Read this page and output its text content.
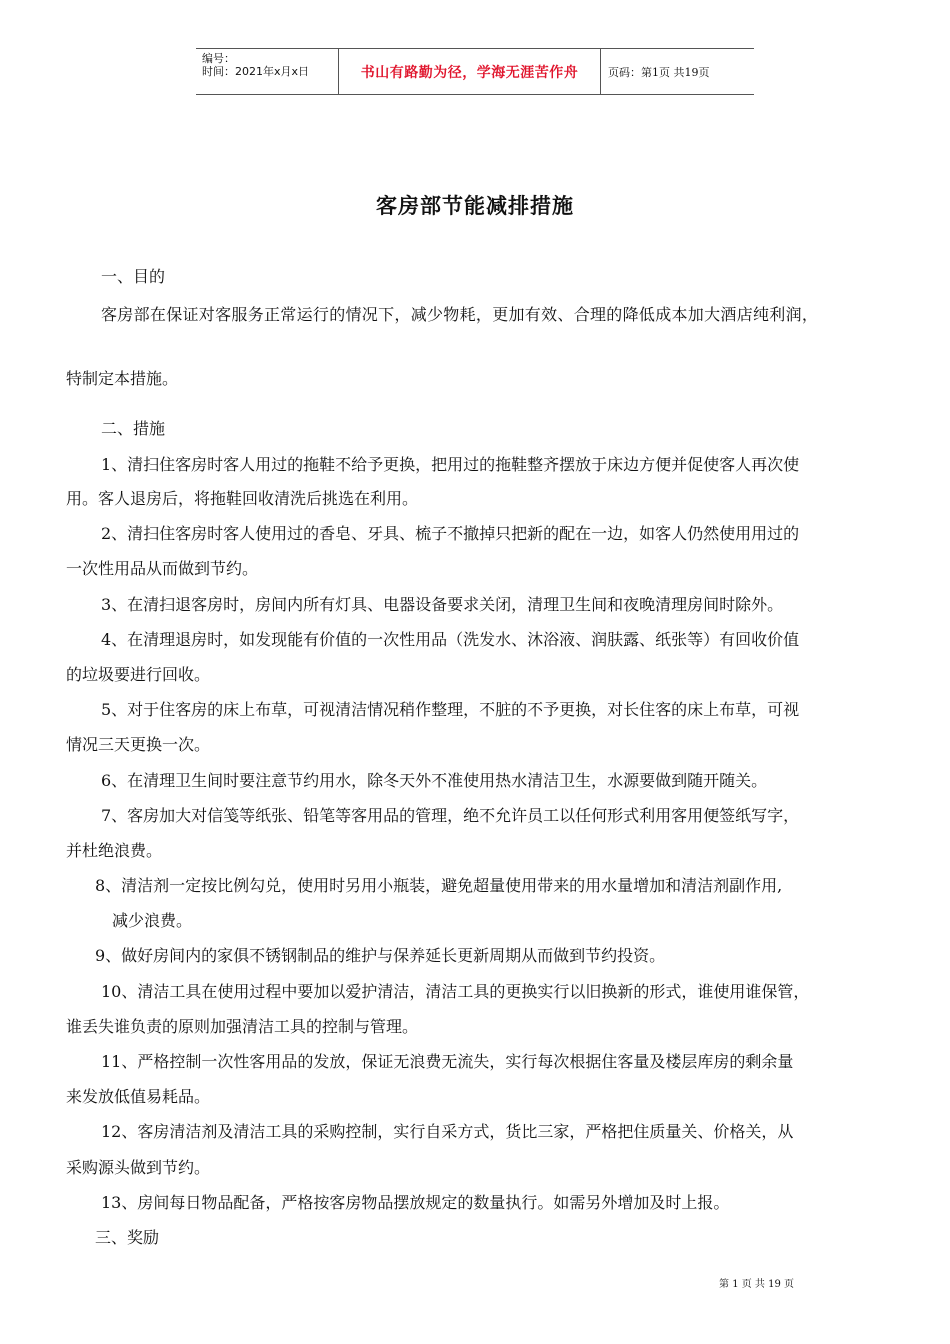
编号：
时间：2021年x月x日	书山有路勤为径，学海无涯苦作舟	页码：第1页 共19页
客房部节能减排措施
一、目的
客房部在保证对客服务正常运行的情况下，减少物耗，更加有效、合理的降低成本加大酒店纯利润，
特制定本措施。
二、措施
1、清扫住客房时客人用过的拖鞋不给予更换，把用过的拖鞋整齐摆放于床边方便并促使客人再次使
用。客人退房后，将拖鞋回收清洗后挑选在利用。
2、清扫住客房时客人使用过的香皂、牙具、梳子不撤掉只把新的配在一边，如客人仍然使用用过的
一次性用品从而做到节约。
3、在清扫退客房时，房间内所有灯具、电器设备要求关闭，清理卫生间和夜晚清理房间时除外。
4、在清理退房时，如发现能有价值的一次性用品（洗发水、沐浴液、润肤露、纸张等）有回收价值
的垃圾要进行回收。
5、对于住客房的床上布草，可视清洁情况稍作整理，不脏的不予更换，对长住客的床上布草，可视
情况三天更换一次。
6、在清理卫生间时要注意节约用水，除冬天外不准使用热水清洁卫生，水源要做到随开随关。
7、客房加大对信笺等纸张、铅笔等客用品的管理，绝不允许员工以任何形式利用客用便签纸写字，
并杜绝浪费。
8、清洁剂一定按比例勾兑，使用时另用小瓶装，避免超量使用带来的用水量增加和清洁剂副作用,
减少浪费。
9、做好房间内的家俱不锈钢制品的维护与保养延长更新周期从而做到节约投资。
10、清洁工具在使用过程中要加以爱护清洁，清洁工具的更换实行以旧换新的形式，谁使用谁保管，
谁丢失谁负责的原则加强清洁工具的控制与管理。
11、严格控制一次性客用品的发放，保证无浪费无流失，实行每次根据住客量及楼层库房的剩余量
来发放低值易耗品。
12、客房清洁剂及清洁工具的采购控制，实行自采方式，货比三家，严格把住质量关、价格关，从
采购源头做到节约。
13、房间每日物品配备，严格按客房物品摆放规定的数量执行。如需另外增加及时上报。
三、奖励
第 1 页 共 19 页
